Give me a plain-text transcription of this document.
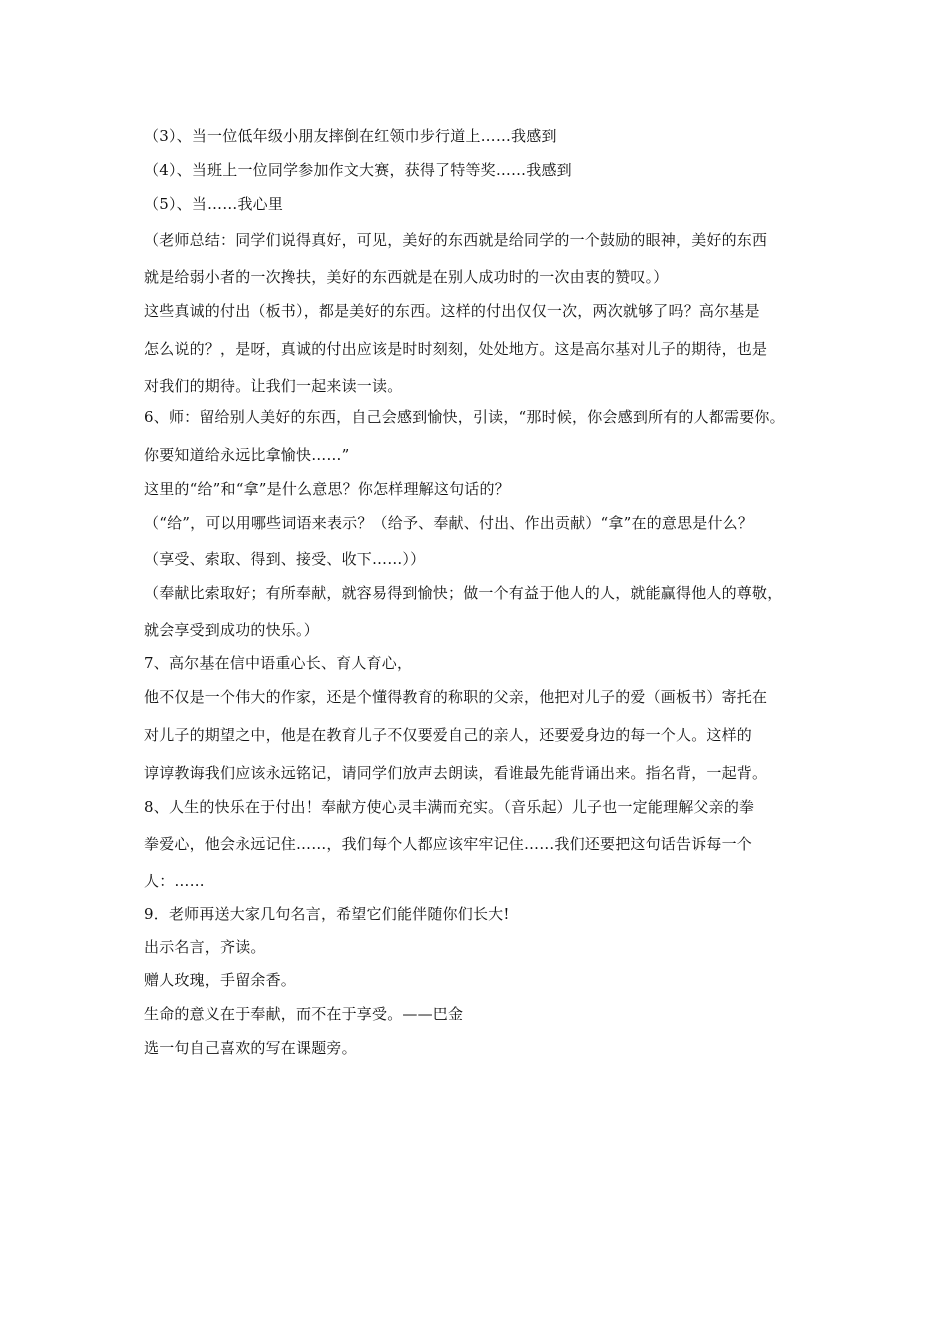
（3）、当一位低年级小朋友摔倒在红领巾步行道上……我感到
（4）、当班上一位同学参加作文大赛，获得了特等奖……我感到
（5）、当……我心里
（老师总结：同学们说得真好，可见，美好的东西就是给同学的一个鼓励的眼神，美好的东西
就是给弱小者的一次搀扶，美好的东西就是在别人成功时的一次由衷的赞叹。）
这些真诚的付出（板书），都是美好的东西。这样的付出仅仅一次，两次就够了吗？高尔基是
怎么说的？，是呀，真诚的付出应该是时时刻刻，处处地方。这是高尔基对儿子的期待，也是
对我们的期待。让我们一起来读一读。
6、师：留给别人美好的东西，自己会感到愉快，引读，“那时候，你会感到所有的人都需要你。
你要知道给永远比拿愉快……”
这里的“给”和“拿”是什么意思？你怎样理解这句话的？
（“给”，可以用哪些词语来表示？（给予、奉献、付出、作出贡献）“拿”在的意思是什么？
（享受、索取、得到、接受、收下……））
（奉献比索取好；有所奉献，就容易得到愉快；做一个有益于他人的人，就能赢得他人的尊敬，
就会享受到成功的快乐。）
7、高尔基在信中语重心长、育人育心，
他不仅是一个伟大的作家，还是个懂得教育的称职的父亲，他把对儿子的爱（画板书）寄托在
对儿子的期望之中，他是在教育儿子不仅要爱自己的亲人，还要爱身边的每一个人。这样的
谆谆教诲我们应该永远铭记，请同学们放声去朗读，看谁最先能背诵出来。指名背，一起背。
8、人生的快乐在于付出！奉献方使心灵丰满而充实。（音乐起）儿子也一定能理解父亲的拳
拳爱心，他会永远记住……，我们每个人都应该牢牢记住……我们还要把这句话告诉每一个
人：……
9．老师再送大家几句名言，希望它们能伴随你们长大!
出示名言，齐读。
赠人玫瑰，手留余香。
生命的意义在于奉献，而不在于享受。——巴金
选一句自己喜欢的写在课题旁。
